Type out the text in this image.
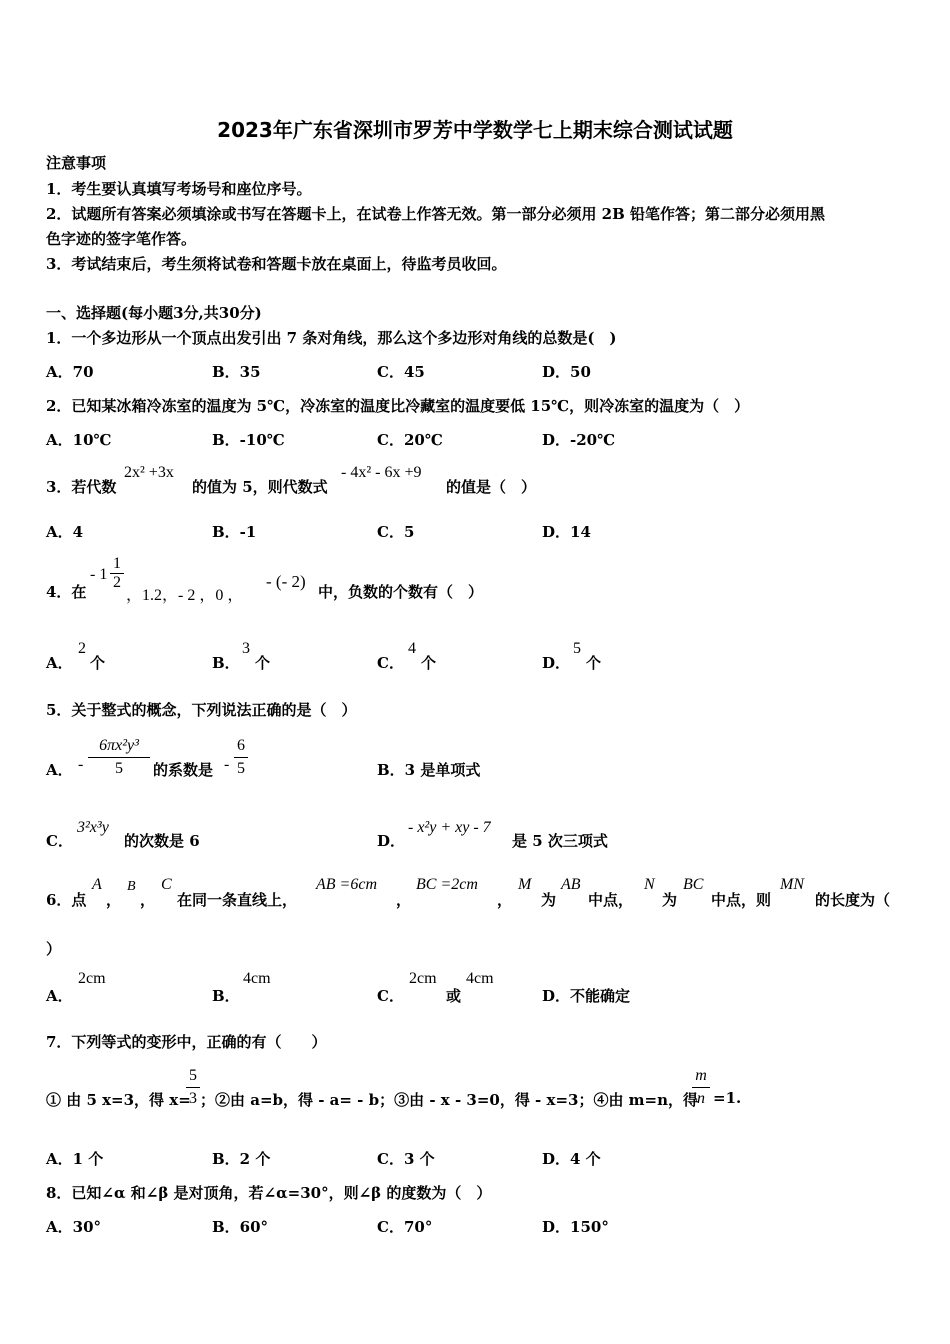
2023年广东省深圳市罗芳中学数学七上期末综合测试试题
注意事项
1．考生要认真填写考场号和座位序号。
2．试题所有答案必须填涂或书写在答题卡上，在试卷上作答无效。第一部分必须用 2B 铅笔作答；第二部分必须用黑
色字迹的签字笔作答。
3．考试结束后，考生须将试卷和答题卡放在桌面上，待监考员收回。
一、选择题(每小题3分,共30分)
1．一个多边形从一个顶点出发引出 7 条对角线，那么这个多边形对角线的总数是(　)
A．70	B．35	C．45	D．50
2．已知某冰箱冷冻室的温度为 5℃，冷冻室的温度比冷藏室的温度要低 15℃，则冷冻室的温度为（　）
A．10℃	B．-10℃	C．20℃	D．-20℃
3．若代数
2x² +3x
的值为 5，则代数式
- 4x² - 6x +9
的值是（　）
A．4	B．-1	C．5	D．14
4．在
- $1 \frac{1}{2}$
，1.2，- 2 ，0 ，
- (- 2)
中，负数的个数有（　）
A．
2
个	B．
3
个	C．
4
个	D．
5
个
5．关于整式的概念，下列说法正确的是（　）
A． - $\frac{\text{6πx²y³}}{5}$ 的系数是 - $\frac{6}{5}$	B．3 是单项式
C．
3²x³y
的次数是 6	D．
- x²y + xy - 7
是 5 次三项式
6．点
A
，
B
，
C
在同一条直线上，
AB =6cm
，
BC =2cm
，
M
为
AB
中点，
N
为
BC
中点，则
MN
的长度为（
）
A．
2cm
B．
4cm
C．
2cm
或
4cm
D．不能确定
7．下列等式的变形中，正确的有（　　）
① 由 5 x=3，得 x=
$\frac{5}{3}$ ；②由 a=b，得 - a= - b；③由 - x - 3=0，得 - x=3；④由 m=n，得
$\frac{m}{n} =1$.
A．1 个	B．2 个	C．3 个	D．4 个
8．已知∠α 和∠β 是对顶角，若∠α=30°，则∠β 的度数为（　）
A．30°	B．60°	C．70°	D．150°
